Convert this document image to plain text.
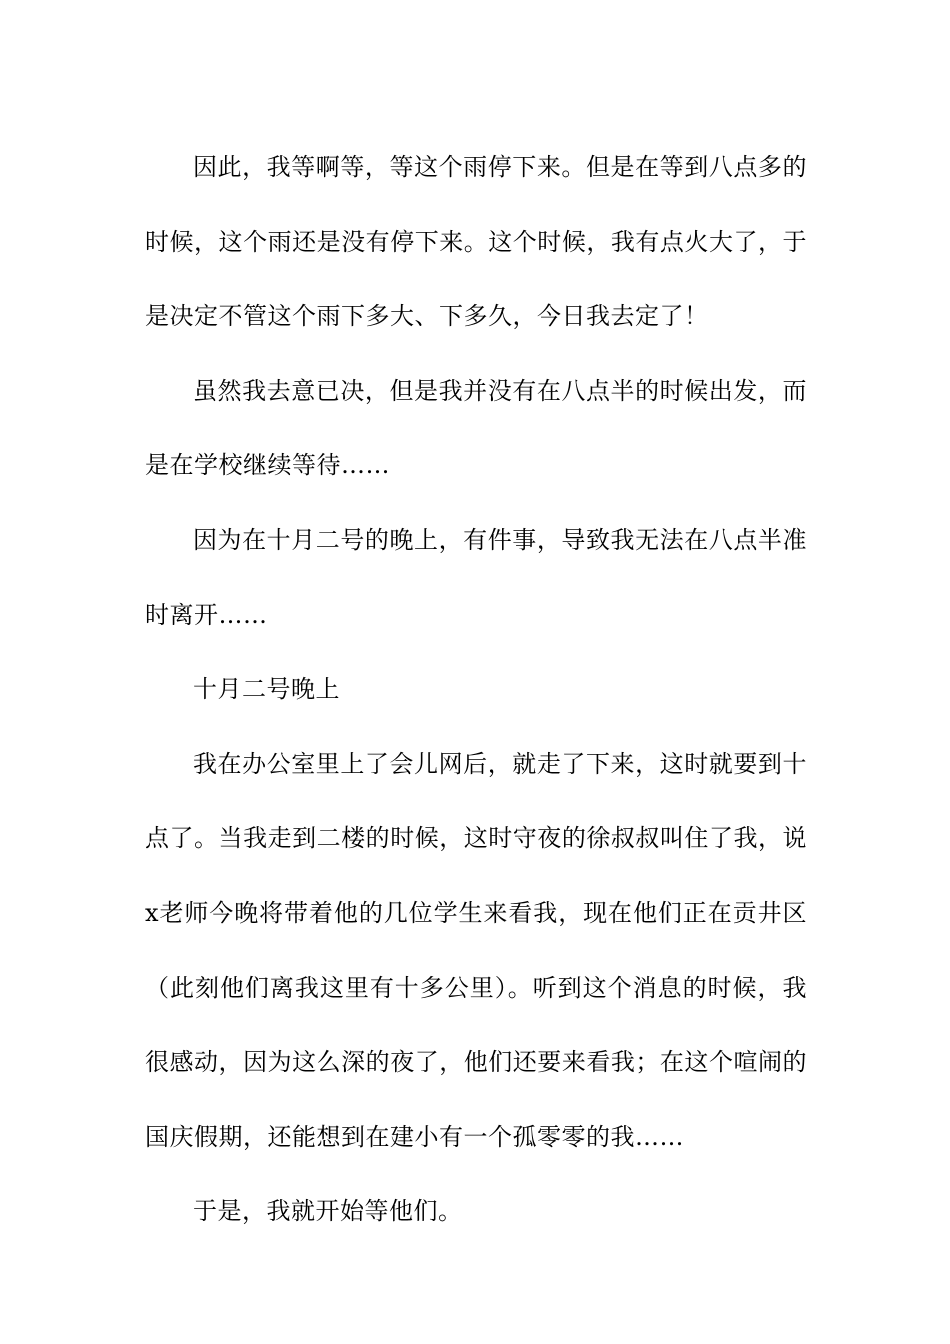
因此，我等啊等，等这个雨停下来。但是在等到八点多的时候，这个雨还是没有停下来。这个时候，我有点火大了，于是决定不管这个雨下多大、下多久，今日我去定了！

虽然我去意已决，但是我并没有在八点半的时候出发，而是在学校继续等待……

因为在十月二号的晚上，有件事，导致我无法在八点半准时离开……

十月二号晚上

我在办公室里上了会儿网后，就走了下来，这时就要到十点了。当我走到二楼的时候，这时守夜的徐叔叔叫住了我，说x老师今晚将带着他的几位学生来看我，现在他们正在贡井区（此刻他们离我这里有十多公里）。听到这个消息的时候，我很感动，因为这么深的夜了，他们还要来看我；在这个喧闹的国庆假期，还能想到在建小有一个孤零零的我……

于是，我就开始等他们。
